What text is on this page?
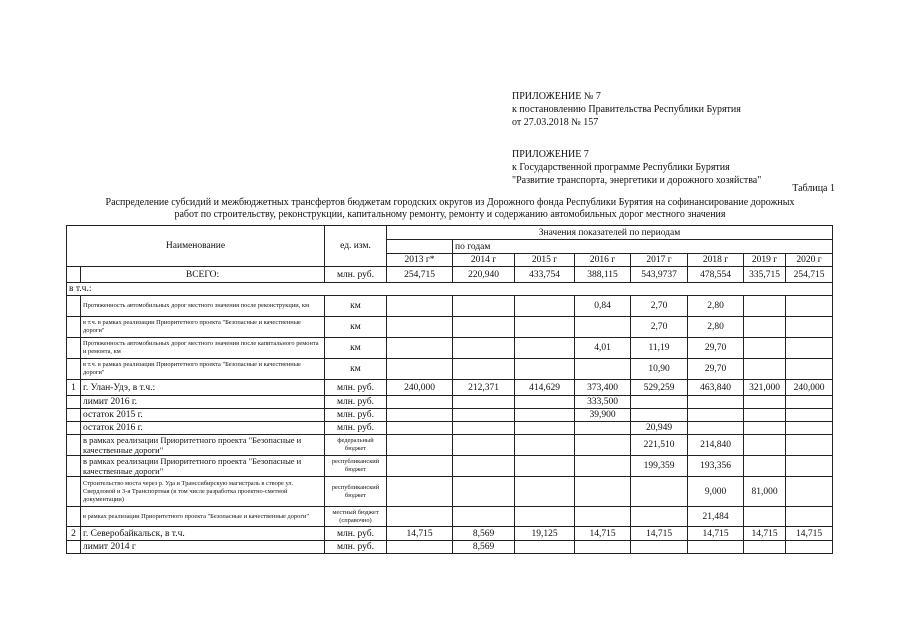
ПРИЛОЖЕНИЕ № 7
к постановлению Правительства Республики Бурятия
от 27.03.2018 № 157
ПРИЛОЖЕНИЕ 7
к Государственной программе Республики Бурятия
"Развитие транспорта, энергетики и дорожного хозяйства"
Таблица 1
Распределение субсидий и межбюджетных трансфертов бюджетам городских округов из Дорожного фонда Республики Бурятия на софинансирование дорожных
работ по строительству, реконструкции, капитальному ремонту, ремонту и содержанию автомобильных дорог местного значения
Наименование		ед. изм.	Значения показателей по периодам							
				по годам						
			2013 г*	2014 г	2015 г	2016 г	2017 г	2018 г	2019 г	2020 г
	ВСЕГО:	млн. руб.	254,715	220,940	433,754	388,115	543,9737	478,554	335,715	254,715
в т.ч.:										
	Протяженность автомобильных дорог местного значения после реконструкции, км	км				0,84	2,70	2,80		
	в т.ч. в рамках реализации Приоритетного проекта "Безопасные и качественные дороги"	км					2,70	2,80		
	Протяженность автомобильных дорог местного значения после капитального ремонта и ремонта, км	км				4,01	11,19	29,70		
	в т.ч. в рамках реализации Приоритетного проекта "Безопасные и качественные дороги"	км					10,90	29,70		
1	г. Улан-Удэ, в т.ч.:	млн. руб.	240,000	212,371	414,629	373,400	529,259	463,840	321,000	240,000
	лимит 2016 г.	млн. руб.				333,500				
	остаток 2015 г.	млн. руб.				39,900				
	остаток 2016 г.	млн. руб.					20,949			
	в рамках реализации Приоритетного проекта "Безопасные и качественные дороги"	федеральный бюджет					221,510	214,840		
	в рамках реализации Приоритетного проекта "Безопасные и качественные дороги"	республиканский бюджет					199,359	193,356		
	Строительство моста через р. Уда и Транссибирскую магистраль в створе ул. Свердловой и 3-я Транспортная (в том числе разработка проектно-сметной документации)	республиканский бюджет						9,000	81,000	
	в рамках реализации Приоритетного проекта "Безопасные и качественные дороги"	местный бюджет (справочно)						21,484		
2	г. Северобайкальск, в т.ч.	млн. руб.	14,715	8,569	19,125	14,715	14,715	14,715	14,715	14,715
	лимит 2014 г	млн. руб.		8,569						
